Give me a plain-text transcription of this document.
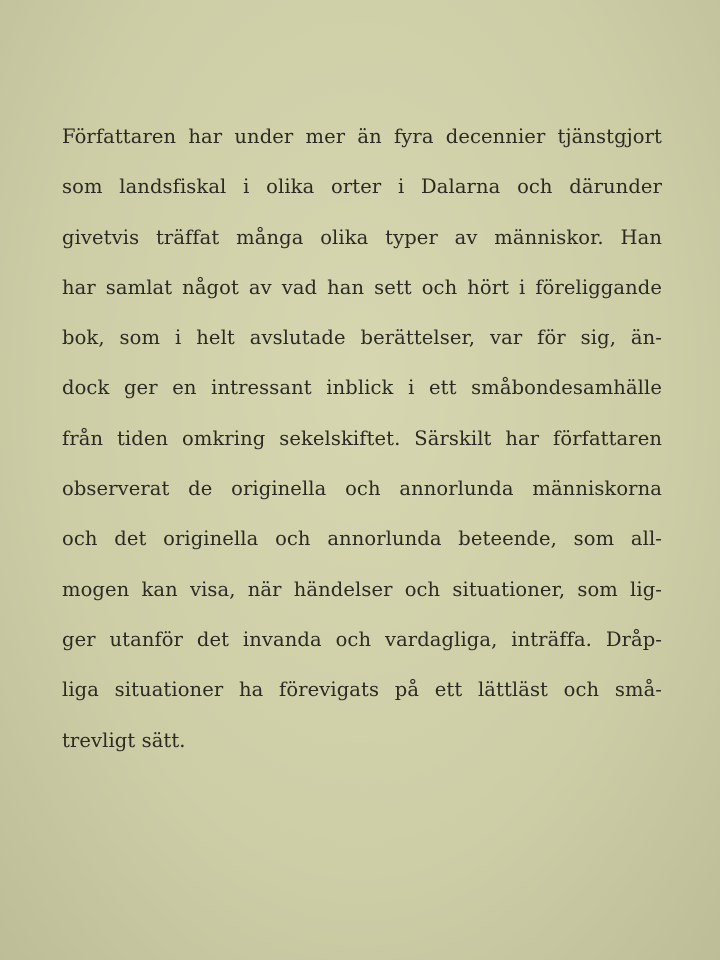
Författaren har under mer än fyra decennier tjänstgjort
som landsfiskal i olika orter i Dalarna och därunder
givetvis träffat många olika typer av människor. Han
har samlat något av vad han sett och hört i föreliggande
bok, som i helt avslutade berättelser, var för sig, än-
dock ger en intressant inblick i ett småbondesamhälle
från tiden omkring sekelskiftet. Särskilt har författaren
observerat de originella och annorlunda människorna
och det originella och annorlunda beteende, som all-
mogen kan visa, när händelser och situationer, som lig-
ger utanför det invanda och vardagliga, inträffa. Dråp-
liga situationer ha förevigats på ett lättläst och små-
trevligt sätt.
